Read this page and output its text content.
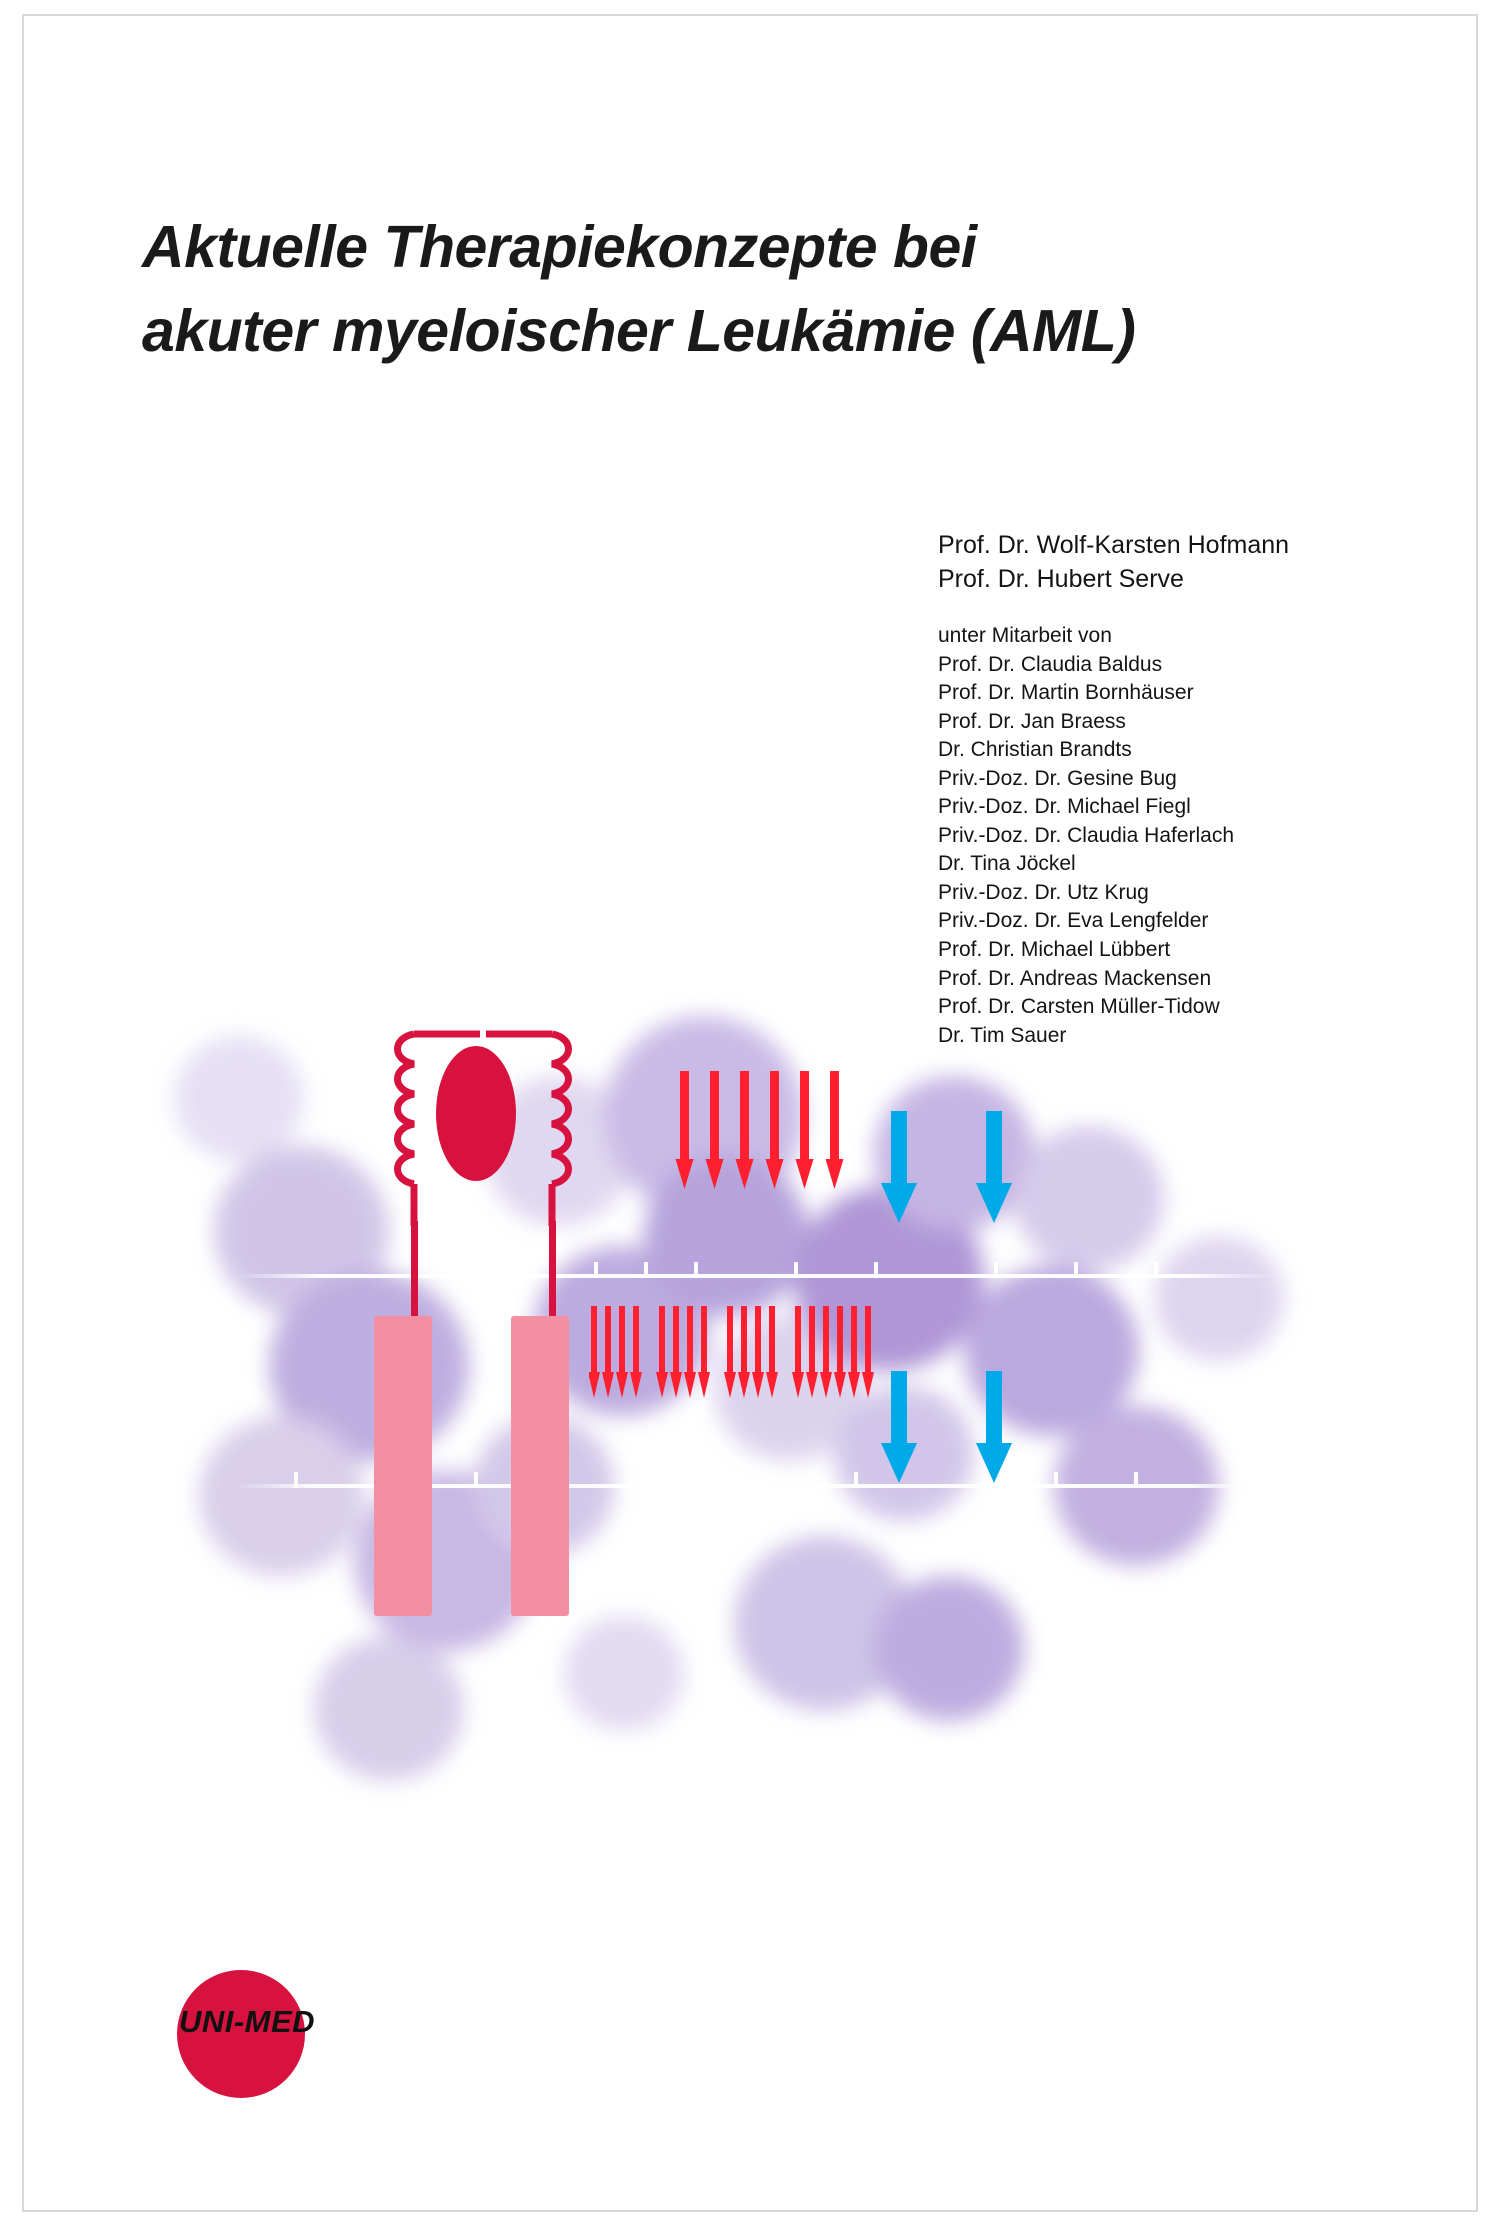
Aktuelle Therapiekonzepte bei
akuter myeloischer Leukämie (AML)
Prof. Dr. Wolf-Karsten Hofmann
Prof. Dr. Hubert Serve
unter Mitarbeit von
Prof. Dr. Claudia Baldus
Prof. Dr. Martin Bornhäuser
Prof. Dr. Jan Braess
Dr. Christian Brandts
Priv.-Doz. Dr. Gesine Bug
Priv.-Doz. Dr. Michael Fiegl
Priv.-Doz. Dr. Claudia Haferlach
Dr. Tina Jöckel
Priv.-Doz. Dr. Utz Krug
Priv.-Doz. Dr. Eva Lengfelder
Prof. Dr. Michael Lübbert
Prof. Dr. Andreas Mackensen
Prof. Dr. Carsten Müller-Tidow
Dr. Tim Sauer
UNI-MED
